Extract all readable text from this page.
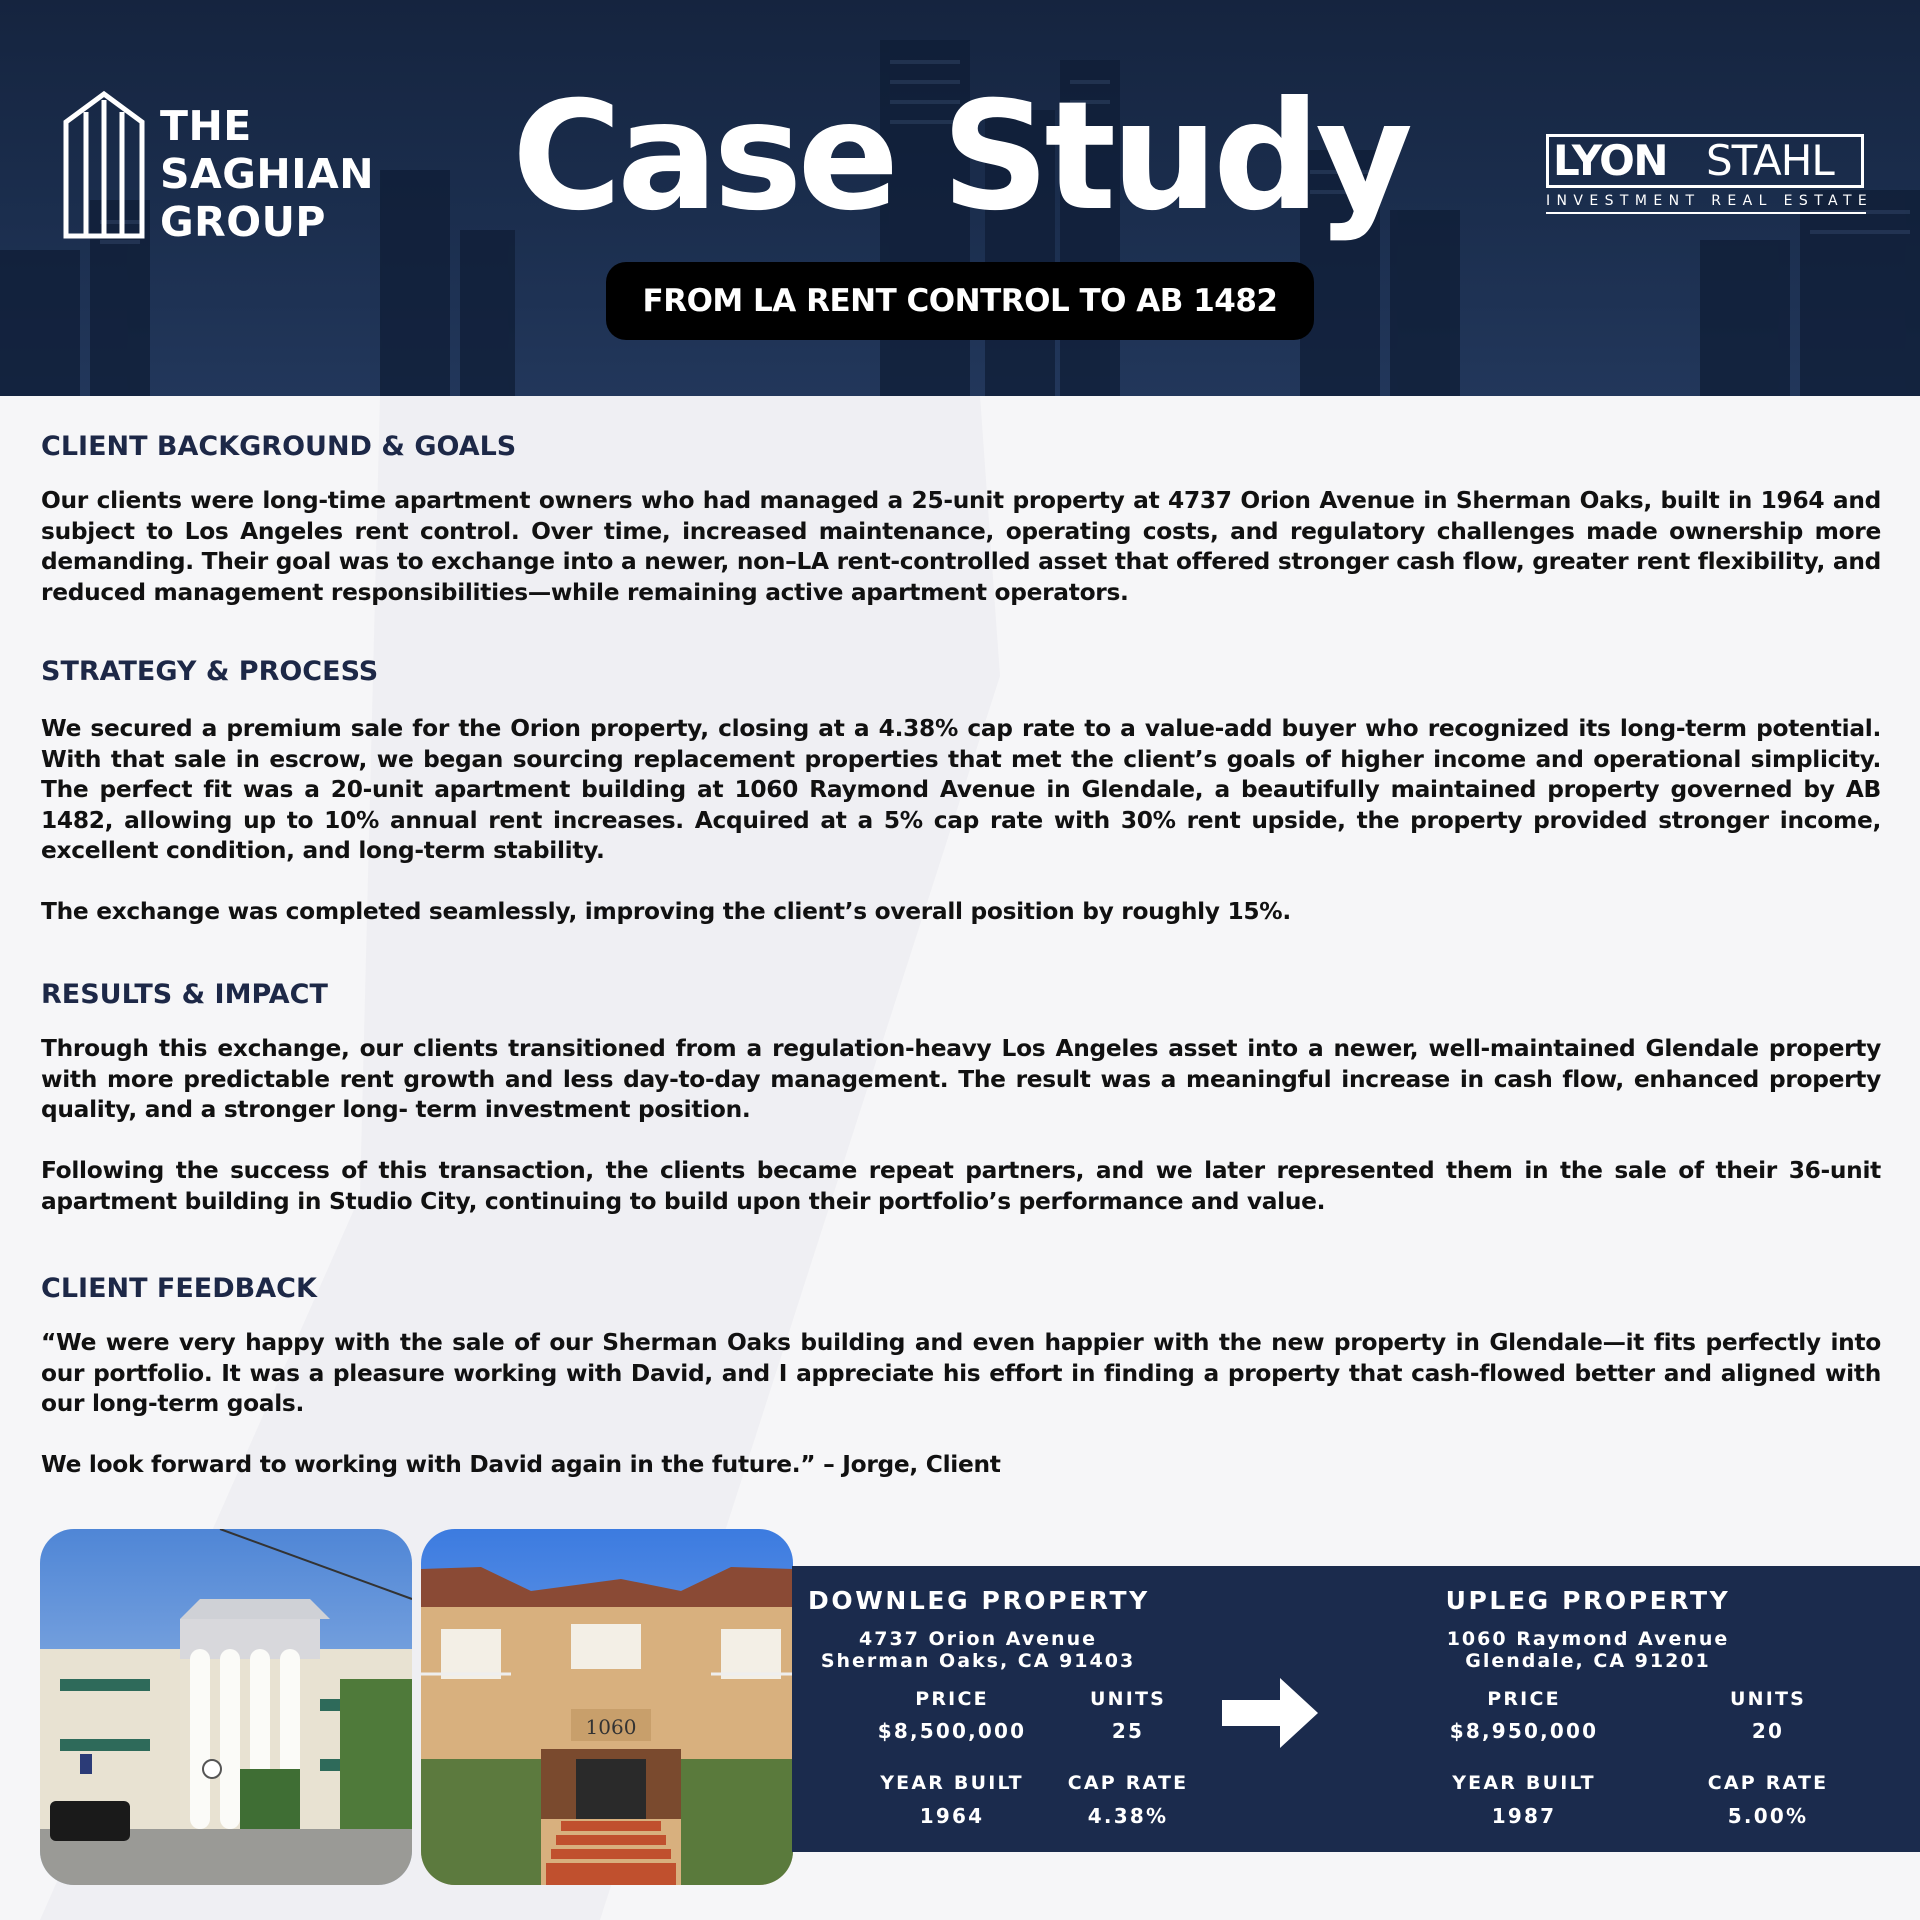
THE
SAGHIAN
GROUP	Case Study
FROM LA RENT CONTROL TO AB 1482
LYON STAHL
INVESTMENT REAL ESTATE
CLIENT BACKGROUND & GOALS
Our clients were long-time apartment owners who had managed a 25-unit property at 4737 Orion Avenue in Sherman Oaks, built in 1964 and subject to Los Angeles rent control. Over time, increased maintenance, operating costs, and regulatory challenges made ownership more demanding. Their goal was to exchange into a newer, non–LA rent-controlled asset that offered stronger cash flow, greater rent flexibility, and reduced management responsibilities—while remaining active apartment operators.
STRATEGY & PROCESS
We secured a premium sale for the Orion property, closing at a 4.38% cap rate to a value-add buyer who recognized its long-term potential. With that sale in escrow, we began sourcing replacement properties that met the client’s goals of higher income and operational simplicity. The perfect fit was a 20-unit apartment building at 1060 Raymond Avenue in Glendale, a beautifully maintained property governed by AB 1482, allowing up to 10% annual rent increases. Acquired at a 5% cap rate with 30% rent upside, the property provided stronger income, excellent condition, and long-term stability.
The exchange was completed seamlessly, improving the client’s overall position by roughly 15%.
RESULTS & IMPACT
Through this exchange, our clients transitioned from a regulation-heavy Los Angeles asset into a newer, well-maintained Glendale property with more predictable rent growth and less day-to-day management. The result was a meaningful increase in cash flow, enhanced property quality, and a stronger long- term investment position.
Following the success of this transaction, the clients became repeat partners, and we later represented them in the sale of their 36-unit apartment building in Studio City, continuing to build upon their portfolio’s performance and value.
CLIENT FEEDBACK
“We were very happy with the sale of our Sherman Oaks building and even happier with the new property in Glendale—it fits perfectly into our portfolio. It was a pleasure working with David, and I appreciate his effort in finding a property that cash-flowed better and aligned with our long-term goals.
We look forward to working with David again in the future.” – Jorge, Client
1060
DOWNLEG PROPERTY
4737 Orion Avenue
Sherman Oaks, CA 91403
PRICE
$8,500,000
UNITS
25
YEAR BUILT
1964
CAP RATE
4.38%
UPLEG PROPERTY
1060 Raymond Avenue
Glendale, CA 91201
PRICE
$8,950,000
UNITS
20
YEAR BUILT
1987
CAP RATE
5.00%
